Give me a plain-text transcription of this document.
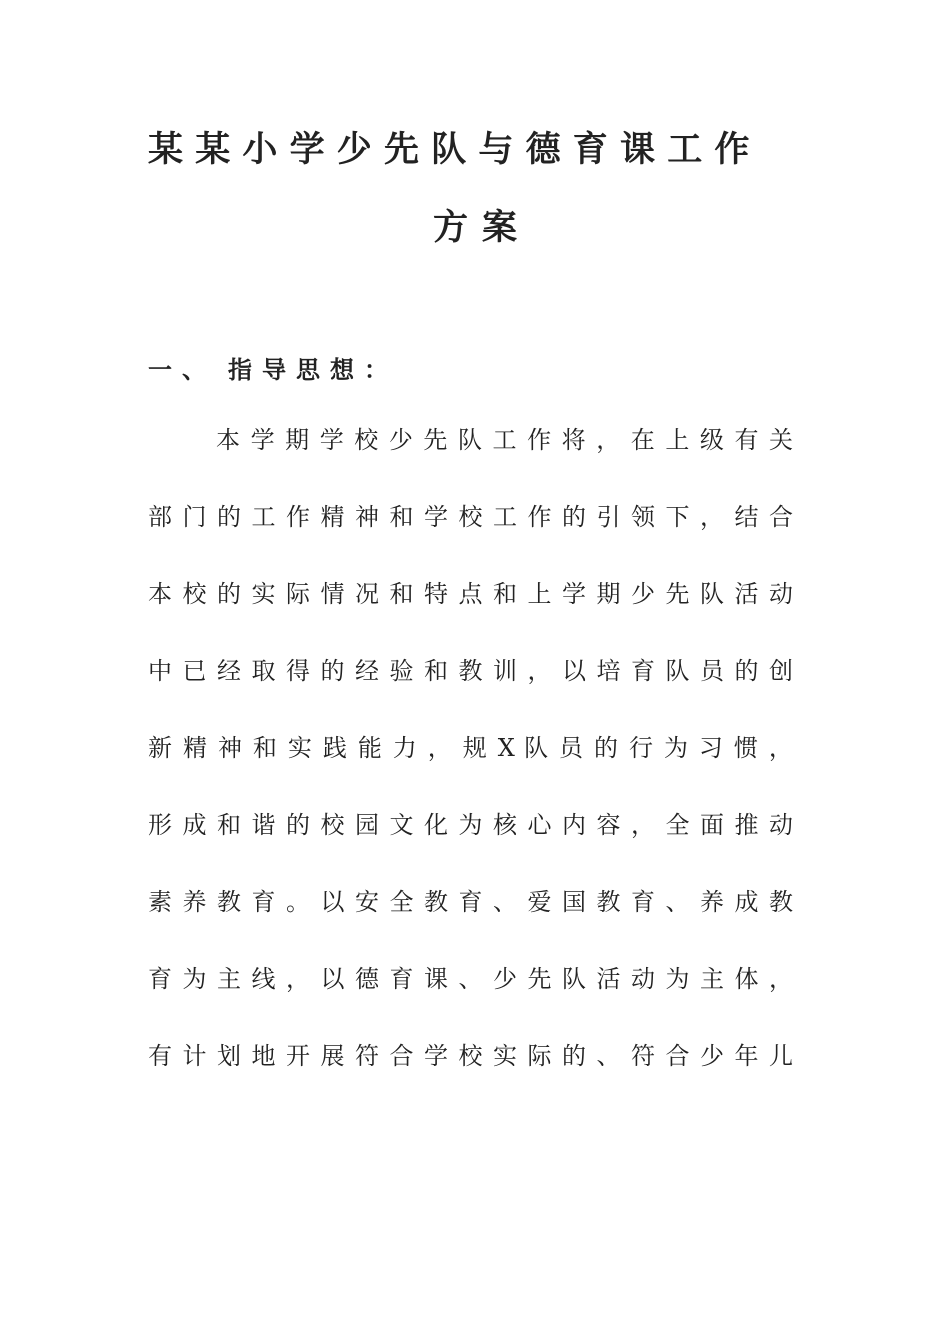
某某小学少先队与德育课工作
方案
一、 指导思想：
本 学 期 学 校 少 先 队 工 作 将 ， 在 上 级 有 关
部 门 的 工 作 精 神 和 学 校 工 作 的 引 领 下 ， 结 合
本 校 的 实 际 情 况 和 特 点 和 上 学 期 少 先 队 活 动
中 已 经 取 得 的 经 验 和 教 训 ， 以 培 育 队 员 的 创
新 精 神 和 实 践 能 力 ， 规 X 队 员 的 行 为 习 惯 ，
形 成 和 谐 的 校 园 文 化 为 核 心 内 容 ， 全 面 推 动
素 养 教 育 。 以 安 全 教 育 、 爱 国 教 育 、 养 成 教
育 为 主 线 ， 以 德 育 课 、 少 先 队 活 动 为 主 体 ，
有 计 划 地 开 展 符 合 学 校 实 际 的 、 符 合 少 年 儿
